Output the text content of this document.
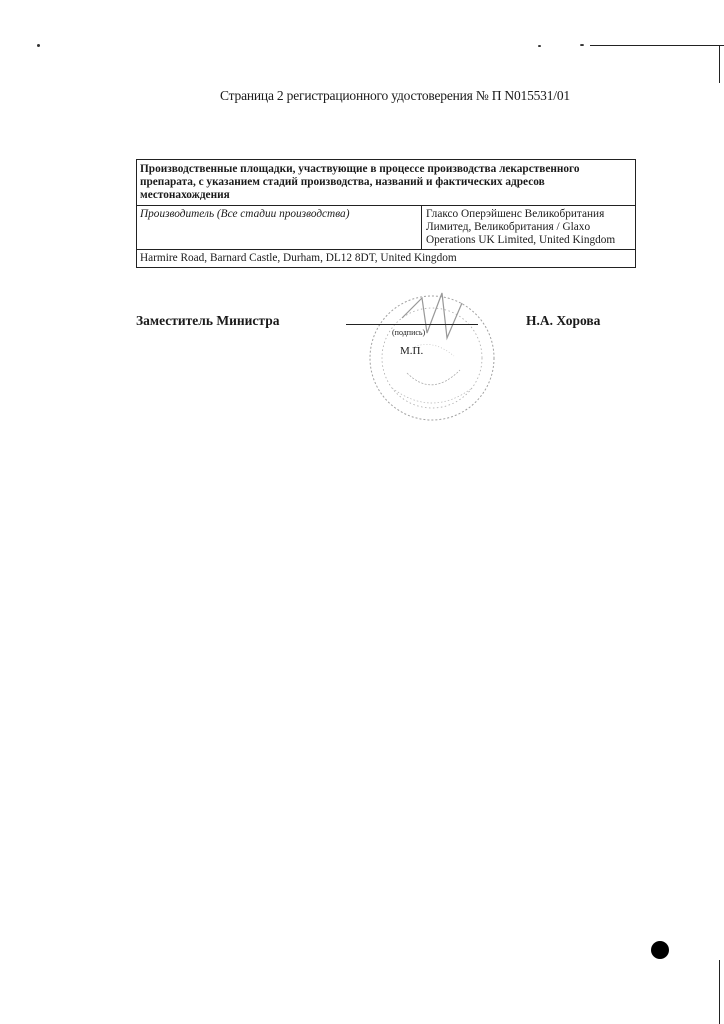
Страница 2 регистрационного удостоверения № П N015531/01
Производственные площадки, участвующие в процессе производства лекарственного препарата, с указанием стадий производства, названий и фактических адресов местонахождения
Производитель (Все стадии производства)	Глаксо Оперэйшенс Великобритания Лимитед, Великобритания / Glaxo Operations UK Limited, United Kingdom
Harmire Road, Barnard Castle, Durham, DL12 8DT, United Kingdom
Заместитель Министра
(подпись)
М.П.
Н.А. Хорова
